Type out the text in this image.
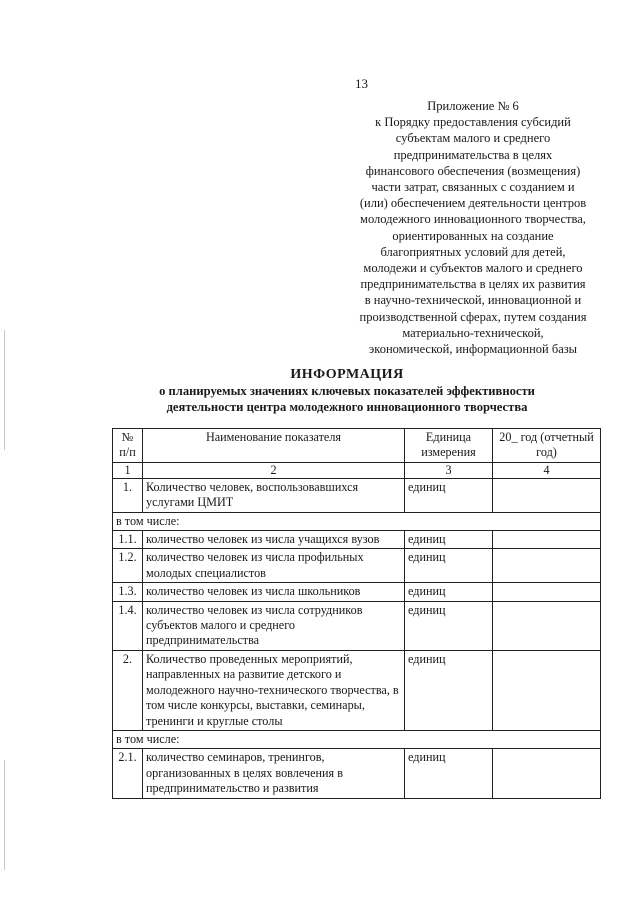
13
Приложение № 6
к Порядку предоставления субсидий
субъектам малого и среднего
предпринимательства в целях
финансового обеспечения (возмещения)
части затрат, связанных с созданием и
(или) обеспечением деятельности центров
молодежного инновационного творчества,
ориентированных на создание
благоприятных условий для детей,
молодежи и субъектов малого и среднего
предпринимательства в целях их развития
в научно-технической, инновационной и
производственной сферах, путем создания
материально-технической,
экономической, информационной базы
ИНФОРМАЦИЯ
о планируемых значениях ключевых показателей эффективности
деятельности центра молодежного инновационного творчества
№ п/п	Наименование показателя	Единица измерения	20_ год (отчетный год)
1	2	3	4
1.	Количество человек, воспользовавшихся услугами ЦМИТ	единиц	
в том числе:			
1.1.	количество человек из числа учащихся вузов	единиц	
1.2.	количество человек из числа профильных молодых специалистов	единиц	
1.3.	количество человек из числа школьников	единиц	
1.4.	количество человек из числа сотрудников субъектов малого и среднего предпринимательства	единиц	
2.	Количество проведенных мероприятий, направленных на развитие детского и молодежного научно-технического творчества, в том числе конкурсы, выставки, семинары, тренинги и круглые столы	единиц	
в том числе:			
2.1.	количество семинаров, тренингов, организованных в целях вовлечения в предпринимательство и развития	единиц	
